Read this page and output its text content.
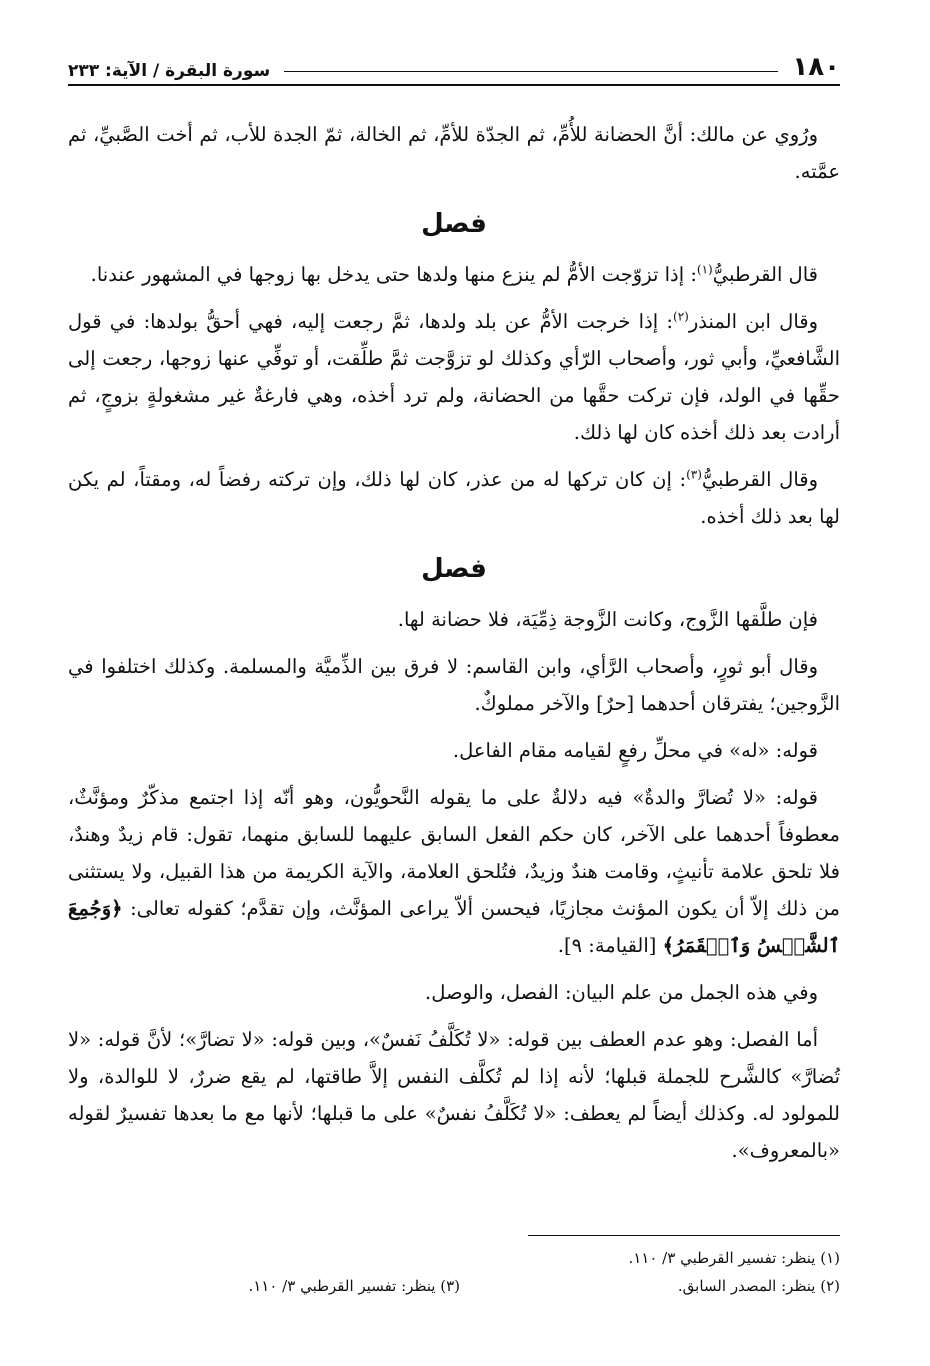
١٨٠
سورة البقرة / الآية: ٢٣٣

ورُوي عن مالك: أنَّ الحضانة للأُمِّ، ثم الجدّة للأمِّ، ثم الخالة، ثمّ الجدة للأب، ثم أخت الصَّبيِّ، ثم عمَّته.

فصل

قال القرطبيُّ$^{(١)}$: إذا تزوّجت الأمُّ لم ينزع منها ولدها حتى يدخل بها زوجها في المشهور عندنا.

وقال ابن المنذر$^{(٢)}$: إذا خرجت الأمُّ عن بلد ولدها، ثمَّ رجعت إليه، فهي أحقُّ بولدها: في قول الشَّافعيِّ، وأبي ثور، وأصحاب الرّأي وكذلك لو تزوَّجت ثمَّ طلِّقت، أو توفِّي عنها زوجها، رجعت إلى حقِّها في الولد، فإن تركت حقَّها من الحضانة، ولم ترد أخذه، وهي فارغةٌ غير مشغولةٍ بزوجٍ، ثم أرادت بعد ذلك أخذه كان لها ذلك.

وقال القرطبيُّ$^{(٣)}$: إن كان تركها له من عذر، كان لها ذلك، وإن تركته رفضاً له، ومقتاً، لم يكن لها بعد ذلك أخذه.

فصل

فإن طلَّقها الزَّوج، وكانت الزَّوجة ذِمِّيَة، فلا حضانة لها.

وقال أبو ثورٍ، وأصحاب الرَّأي، وابن القاسم: لا فرق بين الذِّميَّة والمسلمة. وكذلك اختلفوا في الزَّوجين؛ يفترقان أحدهما [حرٌ] والآخر مملوكٌ.

قوله: «له» في محلِّ رفعٍ لقيامه مقام الفاعل.

قوله: «لا تُضارَّ والدةٌ» فيه دلالةٌ على ما يقوله النَّحويُّون، وهو أنّه إذا اجتمع مذكّرٌ ومؤنَّثٌ، معطوفاً أحدهما على الآخر، كان حكم الفعل السابق عليهما للسابق منهما، تقول: قام زيدٌ وهندٌ، فلا تلحق علامة تأنيثٍ، وقامت هندٌ وزيدٌ، فتُلحق العلامة، والآية الكريمة من هذا القبيل، ولا يستثنى من ذلك إلاّ أن يكون المؤنث مجازيًا، فيحسن ألاّ يراعى المؤنَّث، وإن تقدَّم؛ كقوله تعالى: ﴿وَجُمِعَ ٱلشَّمۡسُ وَٱلۡقَمَرُ﴾ [القيامة: ٩].

وفي هذه الجمل من علم البيان: الفصل، والوصل.

أما الفصل: وهو عدم العطف بين قوله: «لا تُكَلَّفُ نَفسٌ»، وبين قوله: «لا تضارَّ»؛ لأنَّ قوله: «لا تُضارَّ» كالشَّرح للجملة قبلها؛ لأنه إذا لم تُكلَّف النفس إلاَّ طاقتها، لم يقع ضررٌ، لا للوالدة، ولا للمولود له. وكذلك أيضاً لم يعطف: «لا تُكَلَّفُ نفسٌ» على ما قبلها؛ لأنها مع ما بعدها تفسيرٌ لقوله «بالمعروف».

(١) ينظر: تفسير القرطبي ٣/ ١١٠.
(٢) ينظر: المصدر السابق.
(٣) ينظر: تفسير القرطبي ٣/ ١١٠.
